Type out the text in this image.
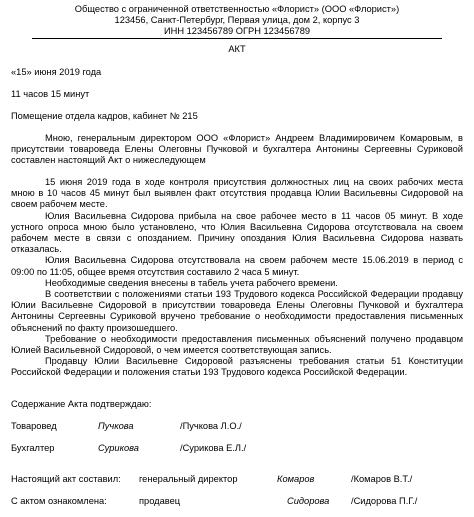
Общество с ограниченной ответственностью «Флорист» (ООО «Флорист»)
123456, Санкт-Петербург, Первая улица, дом 2, корпус 3
ИНН 123456789 ОГРН 123456789
АКТ
«15» июня 2019 года
11 часов 15 минут
Помещение отдела кадров, кабинет № 215

Мною, генеральным директором ООО «Флорист» Андреем Владимировичем Комаровым, в присутствии товароведа Елены Олеговны Пучковой и бухгалтера Антонины Сергеевны Суриковой составлен настоящий Акт о нижеследующем

15 июня 2019 года в ходе контроля присутствия должностных лиц на своих рабочих места мною в 10 часов 45 минут был выявлен факт отсутствия продавца Юлии Васильевны Сидоровой на своем рабочем месте.

Юлия Васильевна Сидорова прибыла на свое рабочее место в 11 часов 05 минут. В ходе устного опроса мною было установлено, что Юлия Васильевна Сидорова отсутствовала на своем рабочем месте в связи с опозданием. Причину опоздания Юлия Васильевна Сидорова назвать отказалась.

Юлия Васильевна Сидорова отсутствовала на своем рабочем месте 15.06.2019 в период с 09:00 по 11:05, общее время отсутствия составило 2 часа 5 минут.

Необходимые сведения внесены в табель учета рабочего времени.

В соответствии с положениями статьи 193 Трудового кодекса Российской Федерации продавцу Юлии Васильевне Сидоровой в присутствии товароведа Елены Олеговны Пучковой и бухгалтера Антонины Сергеевны Суриковой вручено требование о необходимости предоставления письменных объяснений по факту произошедшего.

Требование о необходимости предоставления письменных объяснений получено продавцом Юлией Васильевной Сидоровой, о чем имеется соответствующая запись.

Продавцу Юлии Васильевне Сидоровой разъяснены требования статьи 51 Конституции Российской Федерации и положения статьи 193 Трудового кодекса Российской Федерации.

Содержание Акта подтверждаю:
Товаровед	Пучкова	/Пучкова Л.О./
Бухгалтер	Сурикова	/Сурикова Е.Л./
Настоящий акт составил: генеральный директор	Комаров	/Комаров В.Т./
С актом ознакомлена:	продавец	Сидорова /Сидорова П.Г./
